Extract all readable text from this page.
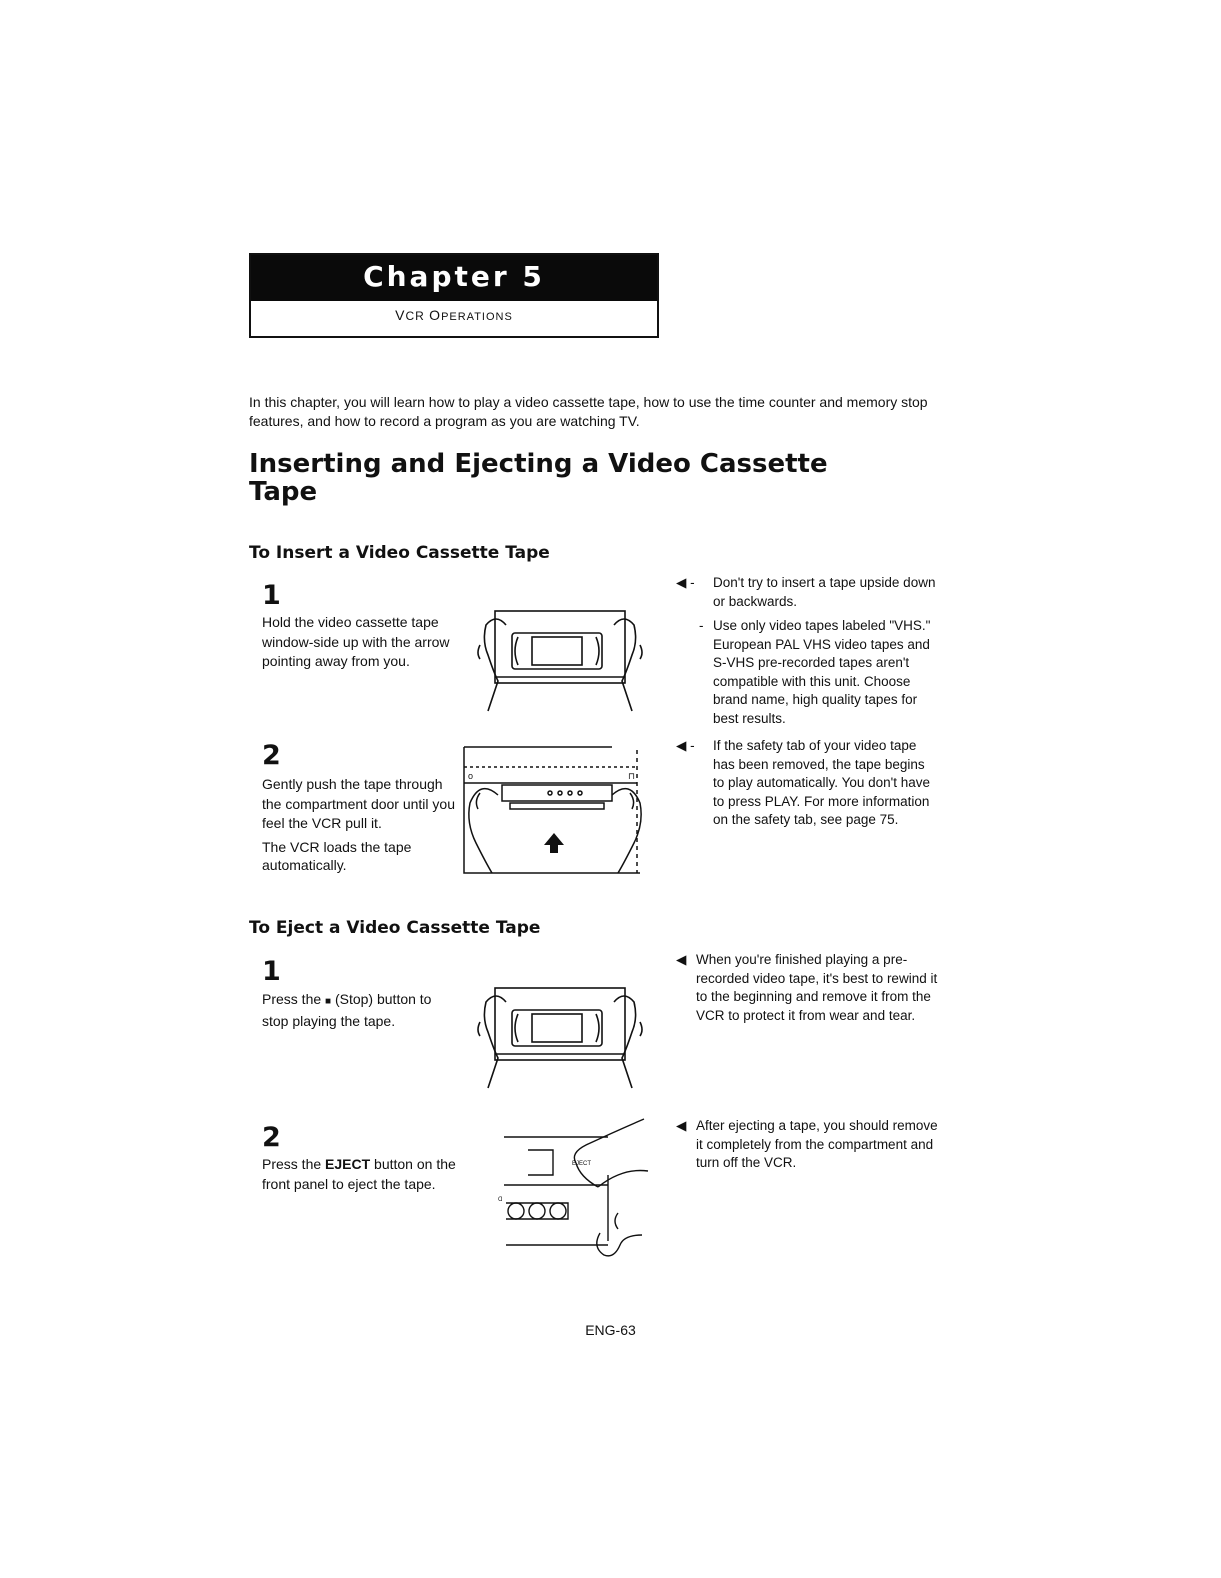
Chapter 5
VCR OPERATIONS
In this chapter, you will learn how to play a video cassette tape, how to use the time counter and memory stop
features, and how to record a program as you are watching TV.
Inserting and Ejecting a Video Cassette
Tape
To Insert a Video Cassette Tape
1
Hold the video cassette tape
window-side up with the arrow
pointing away from you.
2
Gently push the tape through
the compartment door until you
feel the VCR pull it.
The VCR loads the tape
automatically.
o	⊓
◀ - Don't try to insert a tape upside down
or backwards.
- Use only video tapes labeled "VHS."
European PAL VHS video tapes and
S-VHS pre-recorded tapes aren't
compatible with this unit. Choose
brand name, high quality tapes for
best results.
◀ - If the safety tab of your video tape
has been removed, the tape begins
to play automatically. You don't have
to press PLAY. For more information
on the safety tab, see page 75.
To Eject a Video Cassette Tape
1
Press the ■ (Stop) button to
stop playing the tape.
2
Press the EJECT button on the
front panel to eject the tape.
Ɑ
EJECT
◀ When you're finished playing a pre-
recorded video tape, it's best to rewind it
to the beginning and remove it from the
VCR to protect it from wear and tear.
◀ After ejecting a tape, you should remove
it completely from the compartment and
turn off the VCR.
ENG-63
